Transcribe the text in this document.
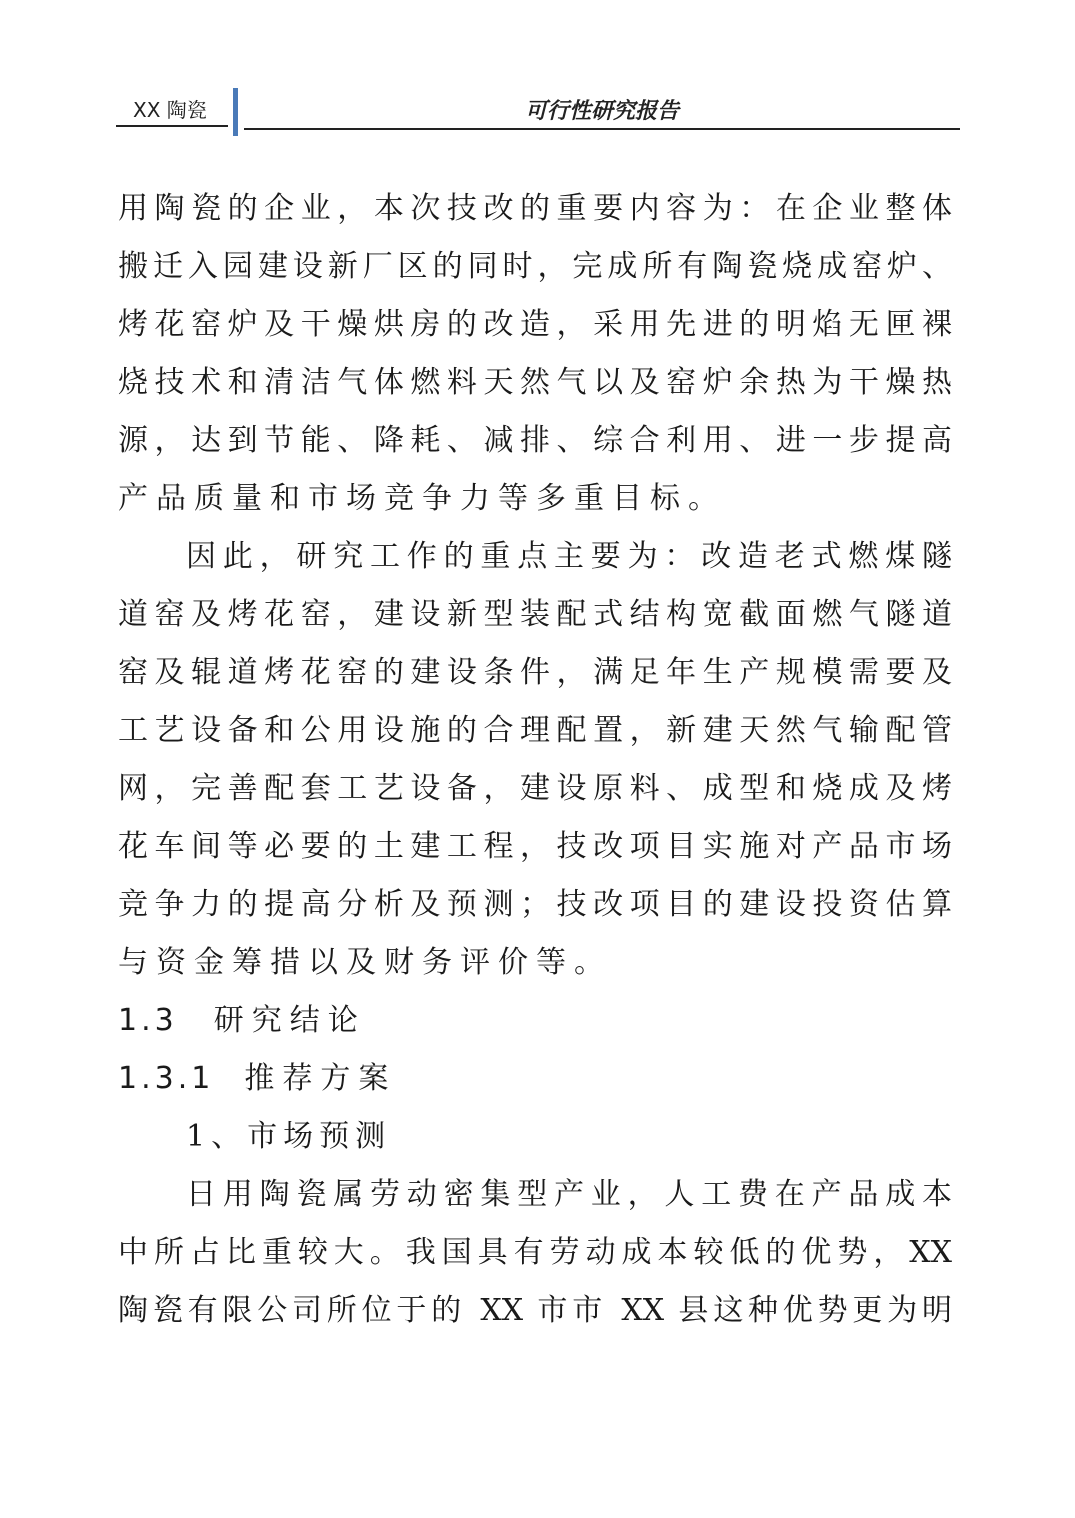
XX 陶瓷	可行性研究报告
用陶瓷的企业，本次技改的重要内容为：在企业整体
搬迁入园建设新厂区的同时，完成所有陶瓷烧成窑炉、
烤花窑炉及干燥烘房的改造，采用先进的明焰无匣裸
烧技术和清洁气体燃料天然气以及窑炉余热为干燥热
源，达到节能、降耗、减排、综合利用、进一步提高
产品质量和市场竞争力等多重目标。
因此，研究工作的重点主要为：改造老式燃煤隧
道窑及烤花窑，建设新型装配式结构宽截面燃气隧道
窑及辊道烤花窑的建设条件，满足年生产规模需要及
工艺设备和公用设施的合理配置，新建天然气输配管
网，完善配套工艺设备，建设原料、成型和烧成及烤
花车间等必要的土建工程，技改项目实施对产品市场
竞争力的提高分析及预测；技改项目的建设投资估算
与资金筹措以及财务评价等。
1.3 研究结论
1.3.1 推荐方案
1、市场预测
日用陶瓷属劳动密集型产业，人工费在产品成本
中所占比重较大。我国具有劳动成本较低的优势，XX
陶瓷有限公司所位于的 XX 市市 XX 县这种优势更为明
